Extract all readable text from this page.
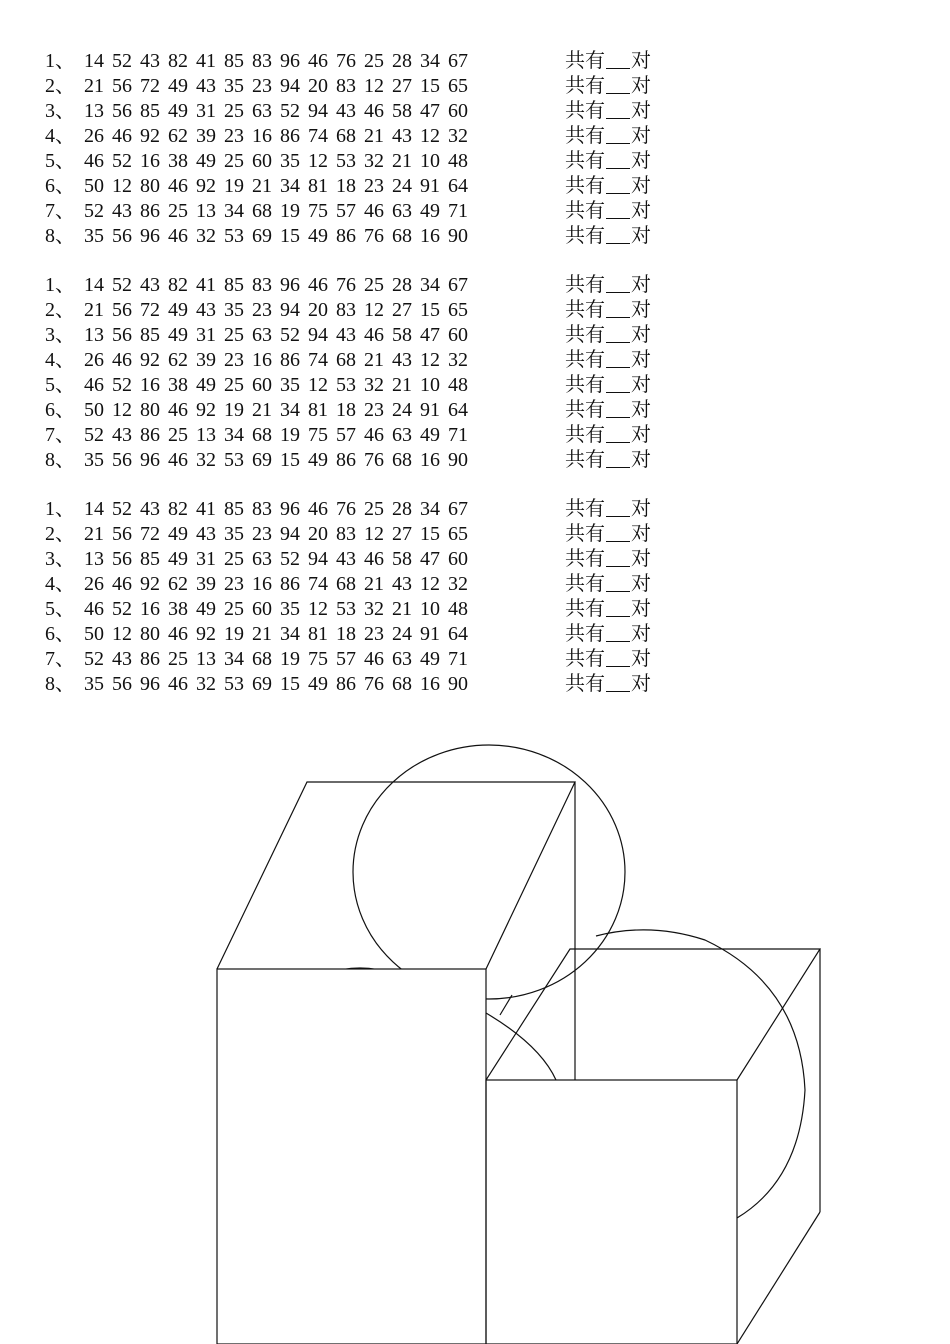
1、 14 52 43 82 41 85 83 96 46 76 25 28 34 67	共有 对
2、 21 56 72 49 43 35 23 94 20 83 12 27 15 65	共有 对
3、 13 56 85 49 31 25 63 52 94 43 46 58 47 60	共有 对
4、 26 46 92 62 39 23 16 86 74 68 21 43 12 32	共有 对
5、 46 52 16 38 49 25 60 35 12 53 32 21 10 48	共有 对
6、 50 12 80 46 92 19 21 34 81 18 23 24 91 64	共有 对
7、 52 43 86 25 13 34 68 19 75 57 46 63 49 71	共有 对
8、 35 56 96 46 32 53 69 15 49 86 76 68 16 90	共有 对
1、 14 52 43 82 41 85 83 96 46 76 25 28 34 67	共有 对
2、 21 56 72 49 43 35 23 94 20 83 12 27 15 65	共有 对
3、 13 56 85 49 31 25 63 52 94 43 46 58 47 60	共有 对
4、 26 46 92 62 39 23 16 86 74 68 21 43 12 32	共有 对
5、 46 52 16 38 49 25 60 35 12 53 32 21 10 48	共有 对
6、 50 12 80 46 92 19 21 34 81 18 23 24 91 64	共有 对
7、 52 43 86 25 13 34 68 19 75 57 46 63 49 71	共有 对
8、 35 56 96 46 32 53 69 15 49 86 76 68 16 90	共有 对
1、 14 52 43 82 41 85 83 96 46 76 25 28 34 67	共有 对
2、 21 56 72 49 43 35 23 94 20 83 12 27 15 65	共有 对
3、 13 56 85 49 31 25 63 52 94 43 46 58 47 60	共有 对
4、 26 46 92 62 39 23 16 86 74 68 21 43 12 32	共有 对
5、 46 52 16 38 49 25 60 35 12 53 32 21 10 48	共有 对
6、 50 12 80 46 92 19 21 34 81 18 23 24 91 64	共有 对
7、 52 43 86 25 13 34 68 19 75 57 46 63 49 71	共有 对
8、 35 56 96 46 32 53 69 15 49 86 76 68 16 90	共有 对
